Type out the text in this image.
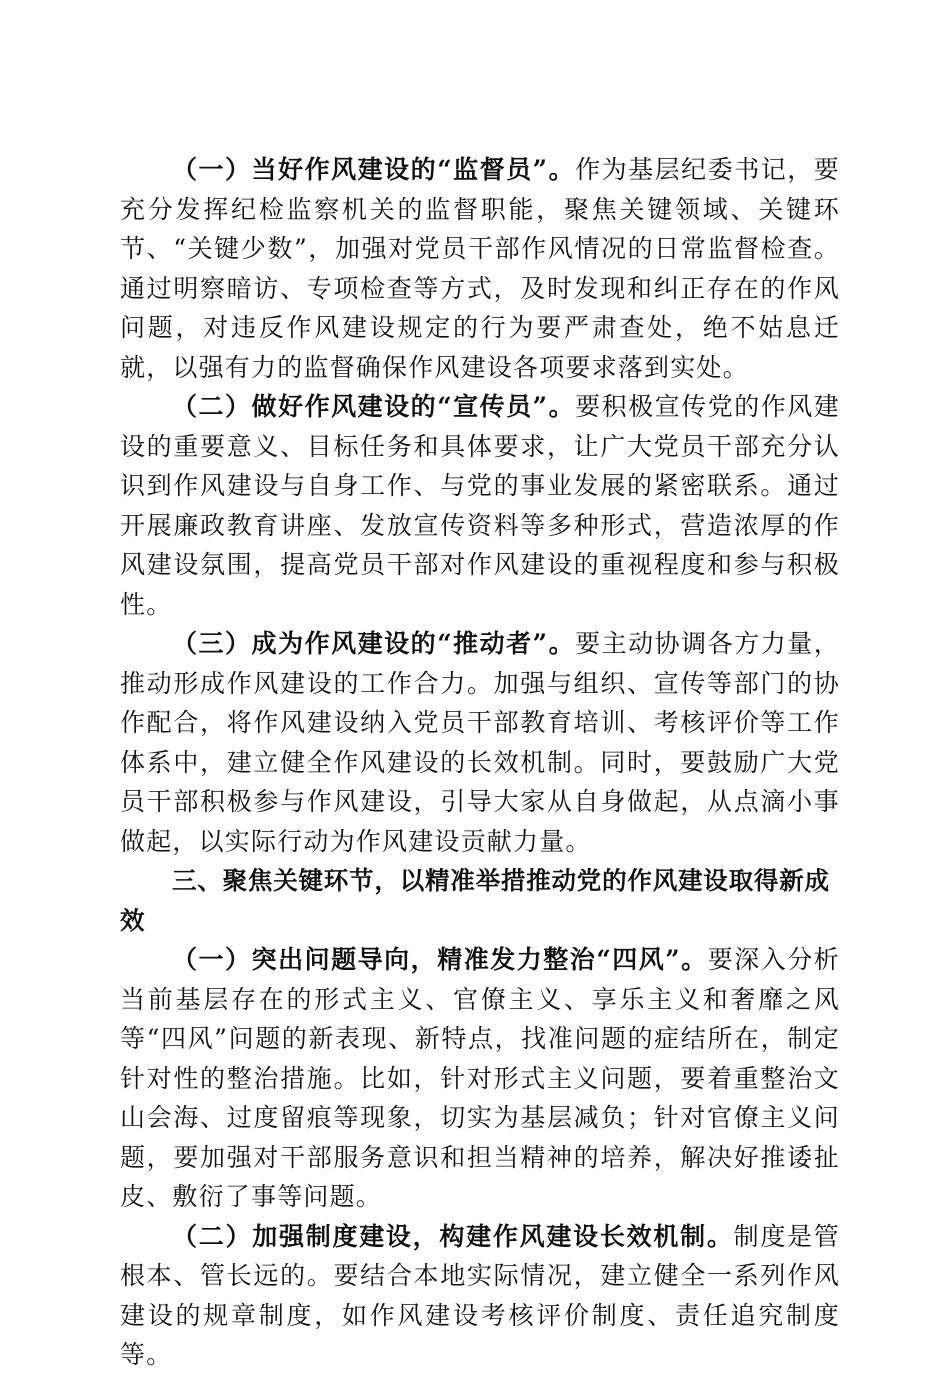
（一）当好作风建设的“监督员”。作为基层纪委书记，要充分发挥纪检监察机关的监督职能，聚焦关键领域、关键环节、“关键少数”，加强对党员干部作风情况的日常监督检查。通过明察暗访、专项检查等方式，及时发现和纠正存在的作风问题，对违反作风建设规定的行为要严肃查处，绝不姑息迁就，以强有力的监督确保作风建设各项要求落到实处。

（二）做好作风建设的“宣传员”。要积极宣传党的作风建设的重要意义、目标任务和具体要求，让广大党员干部充分认识到作风建设与自身工作、与党的事业发展的紧密联系。通过开展廉政教育讲座、发放宣传资料等多种形式，营造浓厚的作风建设氛围，提高党员干部对作风建设的重视程度和参与积极性。

（三）成为作风建设的“推动者”。要主动协调各方力量，推动形成作风建设的工作合力。加强与组织、宣传等部门的协作配合，将作风建设纳入党员干部教育培训、考核评价等工作体系中，建立健全作风建设的长效机制。同时，要鼓励广大党员干部积极参与作风建设，引导大家从自身做起，从点滴小事做起，以实际行动为作风建设贡献力量。

三、聚焦关键环节，以精准举措推动党的作风建设取得新成效

（一）突出问题导向，精准发力整治“四风”。要深入分析当前基层存在的形式主义、官僚主义、享乐主义和奢靡之风等“四风”问题的新表现、新特点，找准问题的症结所在，制定针对性的整治措施。比如，针对形式主义问题，要着重整治文山会海、过度留痕等现象，切实为基层减负；针对官僚主义问题，要加强对干部服务意识和担当精神的培养，解决好推诿扯皮、敷衍了事等问题。

（二）加强制度建设，构建作风建设长效机制。制度是管根本、管长远的。要结合本地实际情况，建立健全一系列作风建设的规章制度，如作风建设考核评价制度、责任追究制度等。
